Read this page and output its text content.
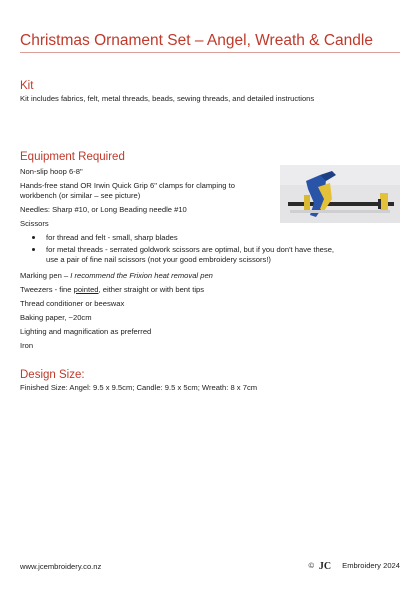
Christmas Ornament Set – Angel, Wreath & Candle
Kit
Kit includes fabrics, felt, metal threads, beads, sewing threads, and detailed instructions
Equipment Required
Non-slip hoop 6-8"
Hands-free stand OR Irwin Quick Grip 6" clamps for clamping to
workbench (or similar – see picture)
Needles: Sharp #10, or Long Beading needle #10
Scissors
for thread and felt - small, sharp blades
for metal threads - serrated goldwork scissors are optimal, but if you don't have these,
use a pair of fine nail scissors (not your good embroidery scissors!)
Marking pen – I recommend the Frixion heat removal pen
Tweezers - fine pointed, either straight or with bent tips
Thread conditioner or beeswax
Baking paper, ~20cm
Lighting and magnification as preferred
Iron
Design Size:
Finished Size: Angel: 9.5 x 9.5cm; Candle: 9.5 x 5cm; Wreath: 8 x 7cm
www.jcembroidery.co.nz	© JC Embroidery 2024
